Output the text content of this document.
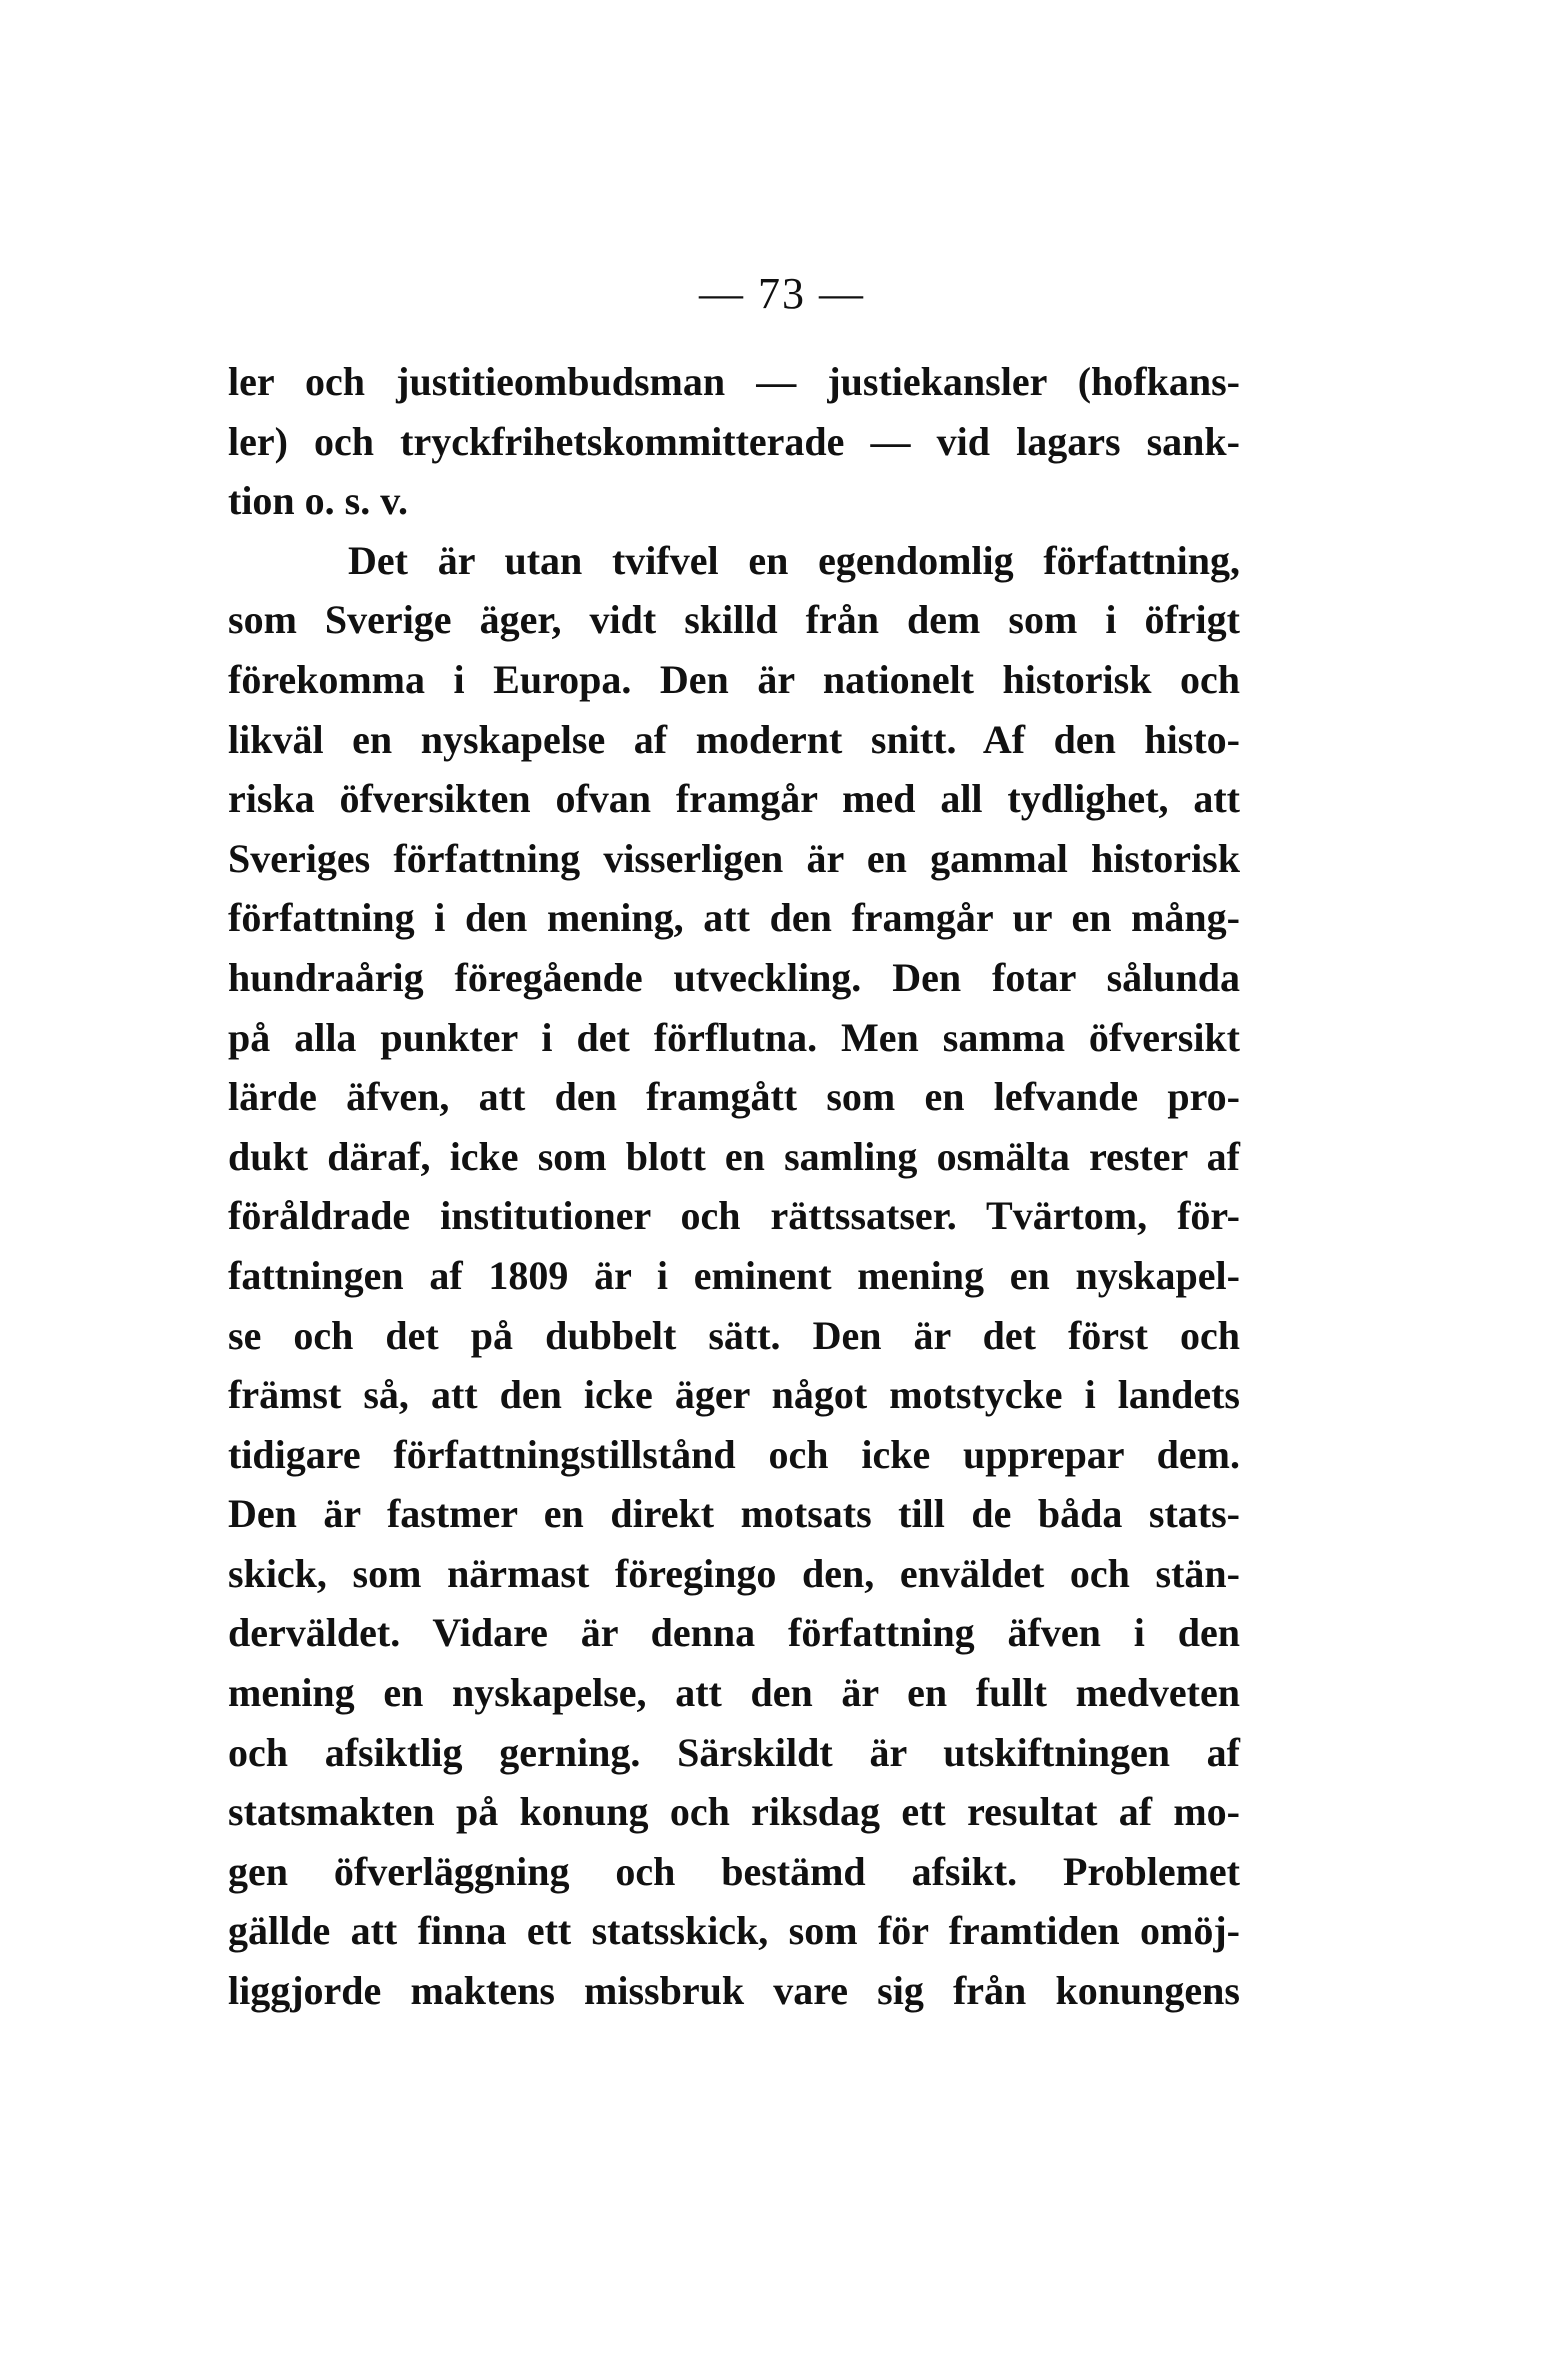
— 73 —
ler och justitieombudsman — justiekansler (hofkans-
ler) och tryckfrihetskommitterade — vid lagars sank-
tion o. s. v.
Det är utan tvifvel en egendomlig författning,
som Sverige äger, vidt skilld från dem som i öfrigt
förekomma i Europa. Den är nationelt historisk och
likväl en nyskapelse af modernt snitt. Af den histo-
riska öfversikten ofvan framgår med all tydlighet, att
Sveriges författning visserligen är en gammal historisk
författning i den mening, att den framgår ur en mång-
hundraårig föregående utveckling. Den fotar sålunda
på alla punkter i det förflutna. Men samma öfversikt
lärde äfven, att den framgått som en lefvande pro-
dukt däraf, icke som blott en samling osmälta rester af
föråldrade institutioner och rättssatser. Tvärtom, för-
fattningen af 1809 är i eminent mening en nyskapel-
se och det på dubbelt sätt. Den är det först och
främst så, att den icke äger något motstycke i landets
tidigare författningstillstånd och icke upprepar dem.
Den är fastmer en direkt motsats till de båda stats-
skick, som närmast föregingo den, enväldet och stän-
derväldet. Vidare är denna författning äfven i den
mening en nyskapelse, att den är en fullt medveten
och afsiktlig gerning. Särskildt är utskiftningen af
statsmakten på konung och riksdag ett resultat af mo-
gen öfverläggning och bestämd afsikt. Problemet
gällde att finna ett statsskick, som för framtiden omöj-
liggjorde maktens missbruk vare sig från konungens
